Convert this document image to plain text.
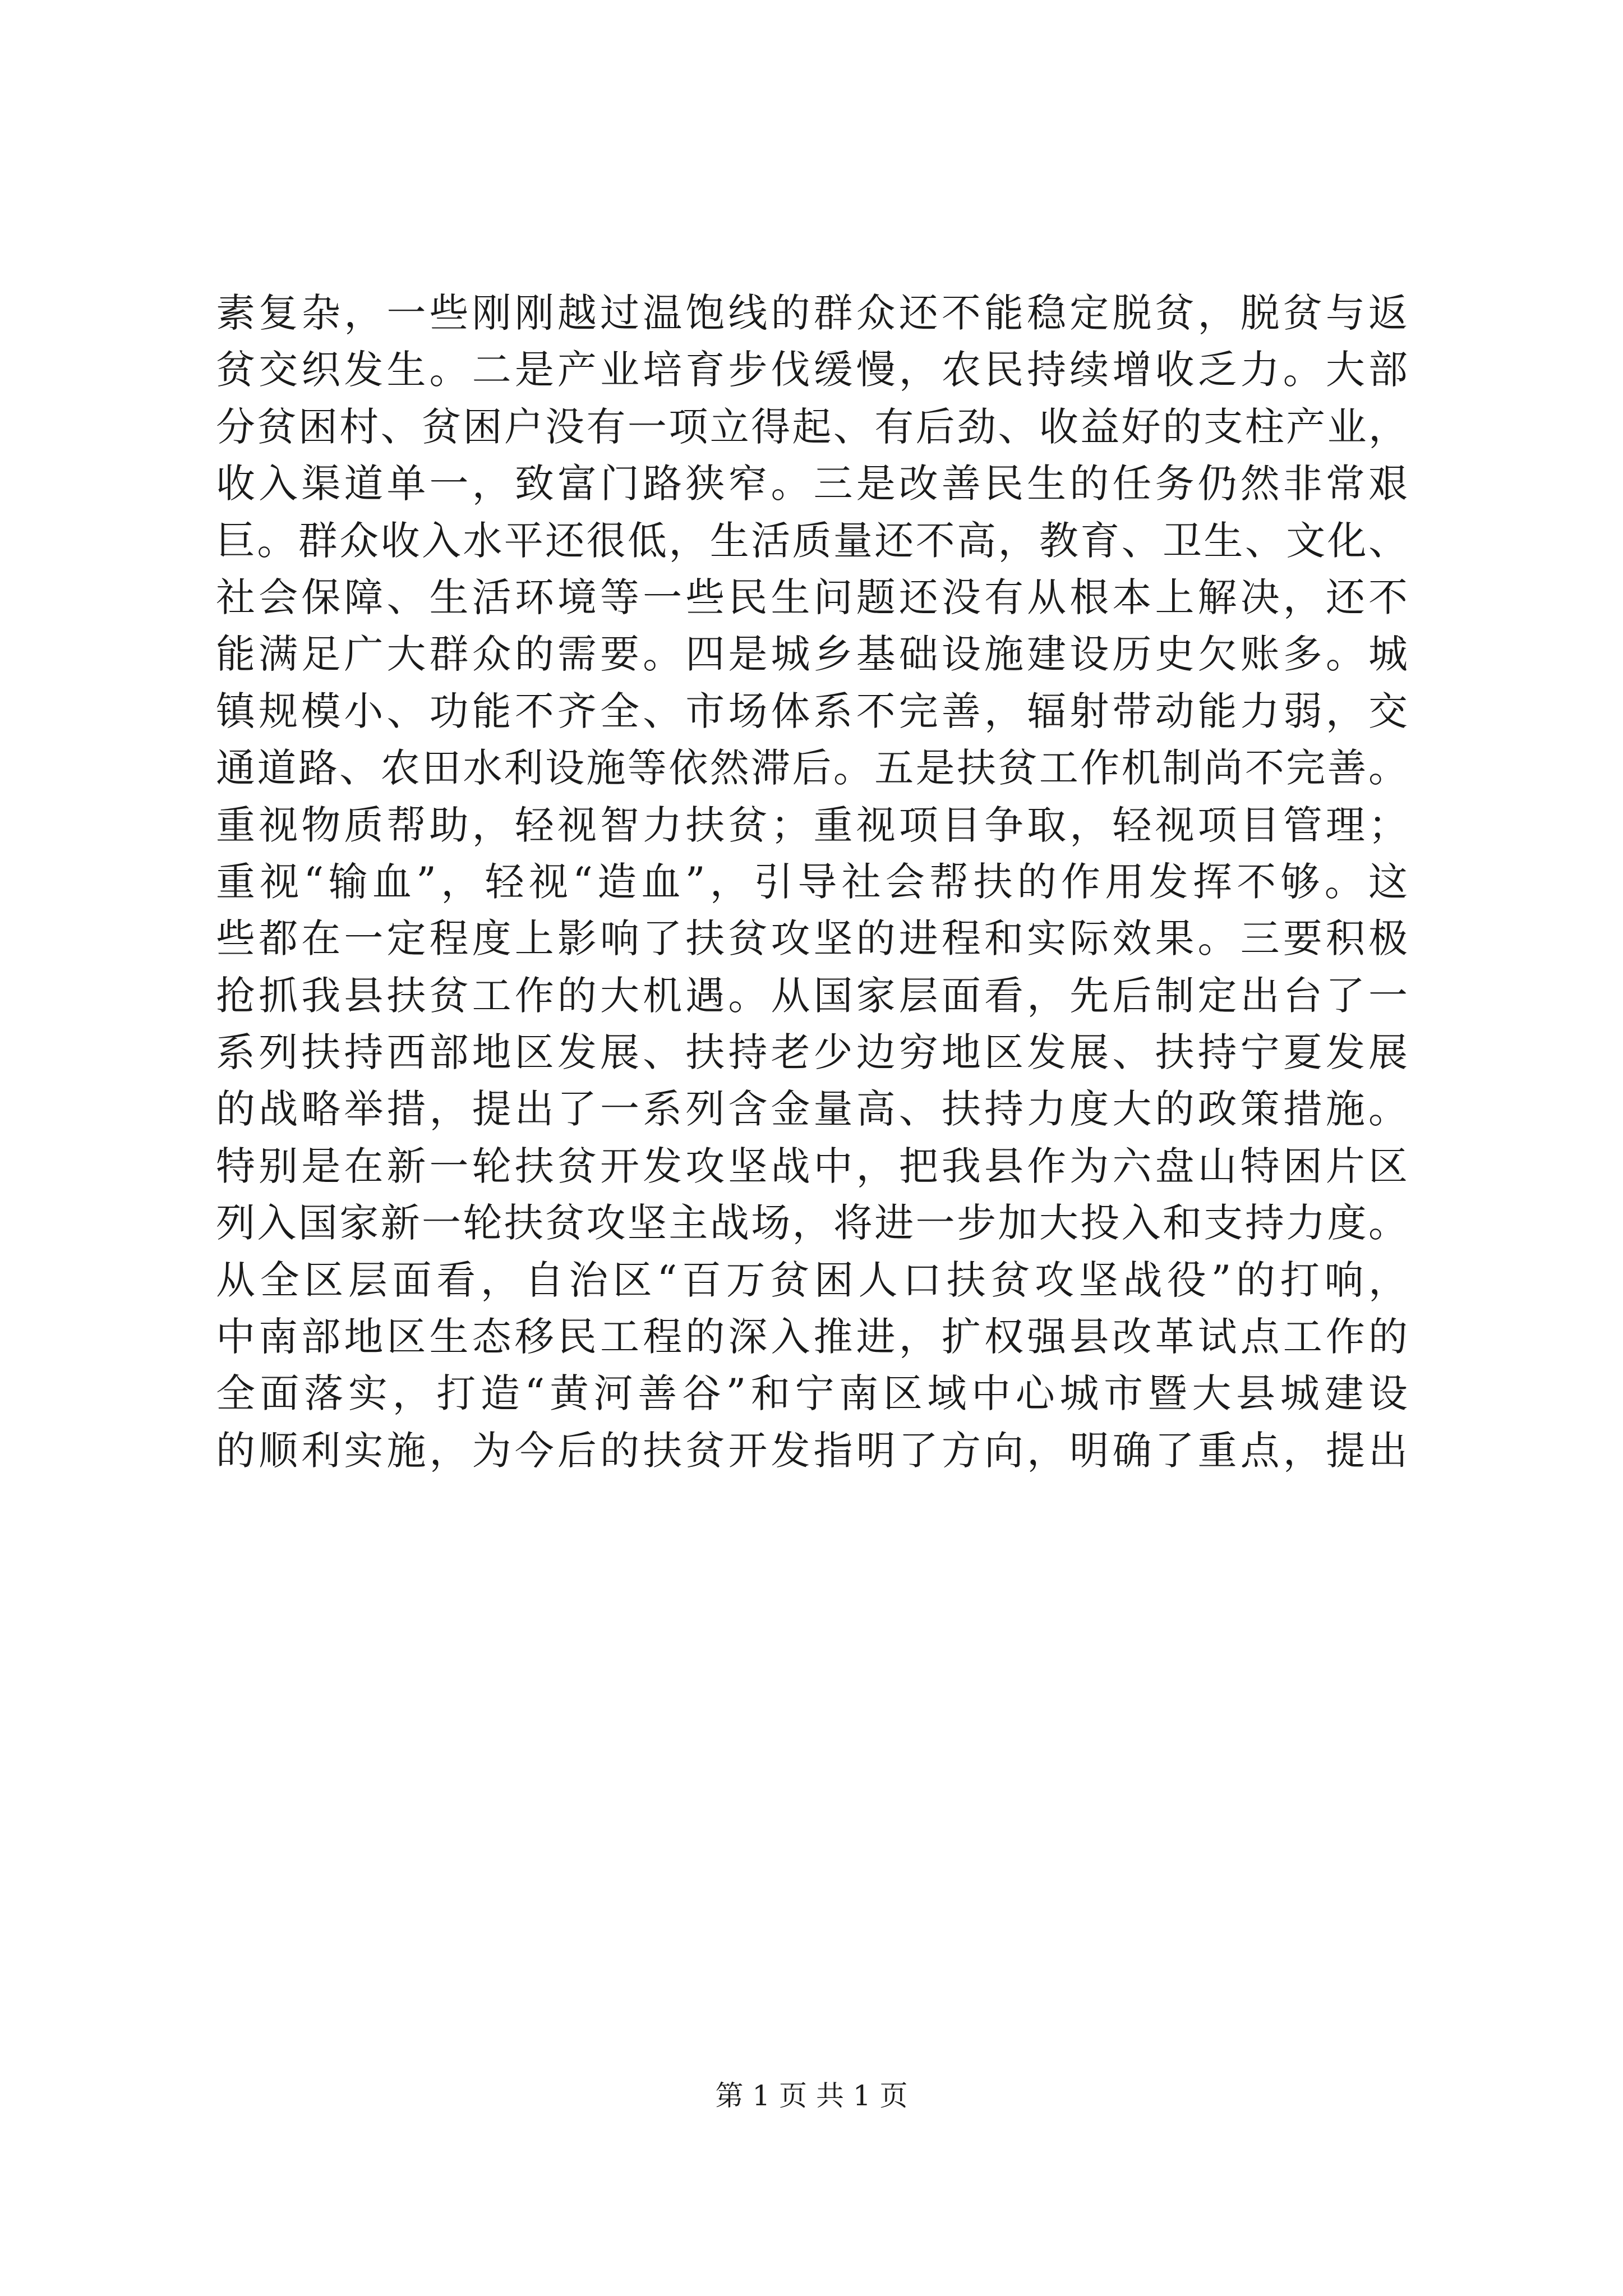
素复杂，一些刚刚越过温饱线的群众还不能稳定脱贫，脱贫与返
贫交织发生。二是产业培育步伐缓慢，农民持续增收乏力。大部
分贫困村、贫困户没有一项立得起、有后劲、收益好的支柱产业，
收入渠道单一，致富门路狭窄。三是改善民生的任务仍然非常艰
巨。群众收入水平还很低，生活质量还不高，教育、卫生、文化、
社会保障、生活环境等一些民生问题还没有从根本上解决，还不
能满足广大群众的需要。四是城乡基础设施建设历史欠账多。城
镇规模小、功能不齐全、市场体系不完善，辐射带动能力弱，交
通道路、农田水利设施等依然滞后。五是扶贫工作机制尚不完善。
重视物质帮助，轻视智力扶贫；重视项目争取，轻视项目管理；
重视“输血”，轻视“造血”，引导社会帮扶的作用发挥不够。这
些都在一定程度上影响了扶贫攻坚的进程和实际效果。三要积极
抢抓我县扶贫工作的大机遇。从国家层面看，先后制定出台了一
系列扶持西部地区发展、扶持老少边穷地区发展、扶持宁夏发展
的战略举措，提出了一系列含金量高、扶持力度大的政策措施。
特别是在新一轮扶贫开发攻坚战中，把我县作为六盘山特困片区
列入国家新一轮扶贫攻坚主战场，将进一步加大投入和支持力度。
从全区层面看，自治区“百万贫困人口扶贫攻坚战役”的打响，
中南部地区生态移民工程的深入推进，扩权强县改革试点工作的
全面落实，打造“黄河善谷”和宁南区域中心城市暨大县城建设
的顺利实施，为今后的扶贫开发指明了方向，明确了重点，提出
第 1 页 共 1 页
